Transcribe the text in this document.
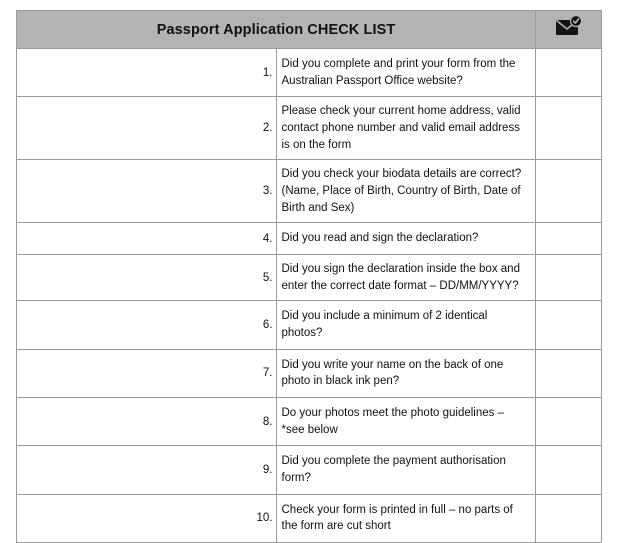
Passport Application CHECK LIST	
1.	Did you complete and print your form from the Australian Passport Office website?	
2.	Please check your current home address, valid contact phone number and valid email address is on the form	
3.	Did you check your biodata details are correct? (Name, Place of Birth, Country of Birth, Date of Birth and Sex)	
4.	Did you read and sign the declaration?	
5.	Did you sign the declaration inside the box and enter the correct date format – DD/MM/YYYY?	
6.	Did you include a minimum of 2 identical photos?	
7.	Did you write your name on the back of one photo in black ink pen?	
8.	Do your photos meet the photo guidelines – *see below	
9.	Did you complete the payment authorisation form?	
10.	Check your form is printed in full – no parts of the form are cut short	
